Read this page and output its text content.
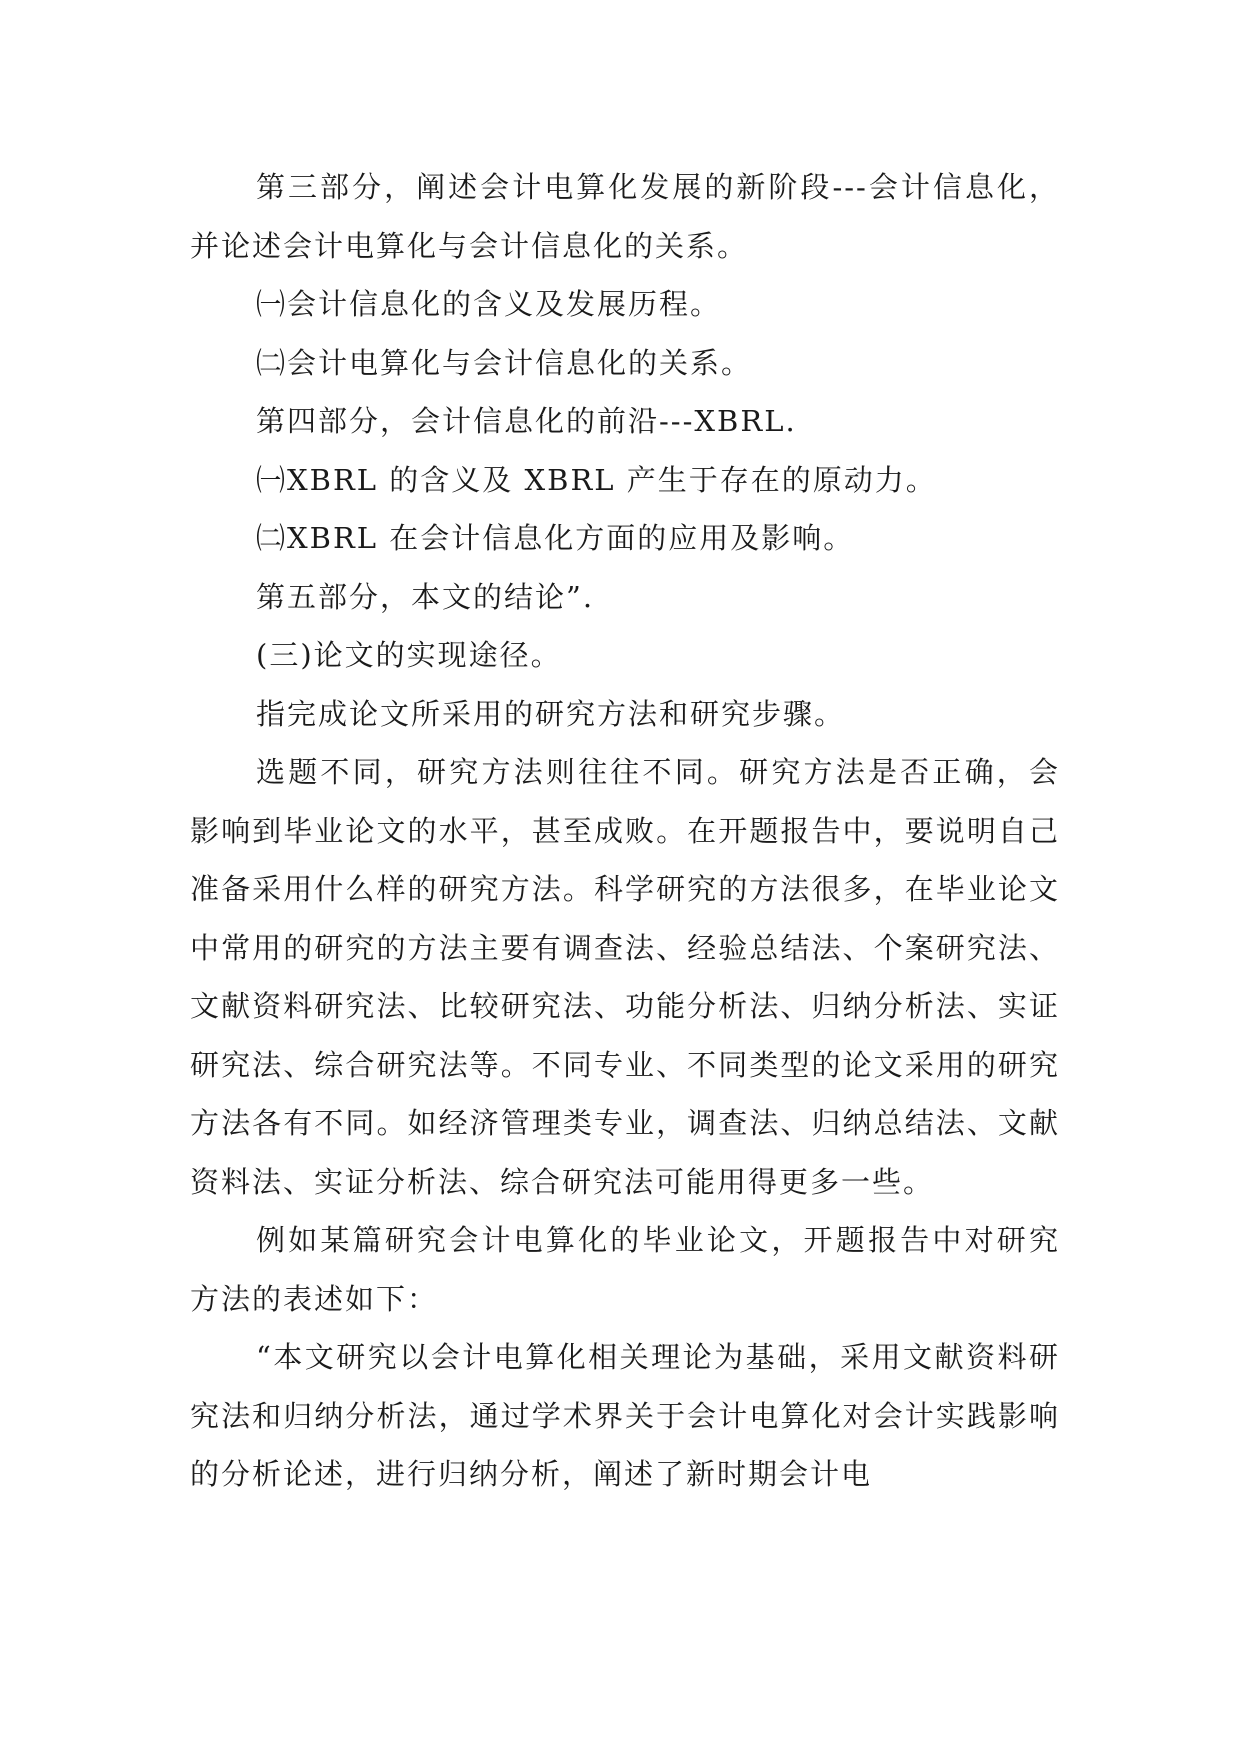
第三部分，阐述会计电算化发展的新阶段---会计信息化，并论述会计电算化与会计信息化的关系。

㈠会计信息化的含义及发展历程。

㈡会计电算化与会计信息化的关系。

第四部分，会计信息化的前沿---XBRL.

㈠XBRL 的含义及 XBRL 产生于存在的原动力。

㈡XBRL 在会计信息化方面的应用及影响。

第五部分，本文的结论”.

(三)论文的实现途径。

指完成论文所采用的研究方法和研究步骤。

选题不同，研究方法则往往不同。研究方法是否正确，会影响到毕业论文的水平，甚至成败。在开题报告中，要说明自己准备采用什么样的研究方法。科学研究的方法很多，在毕业论文中常用的研究的方法主要有调查法、经验总结法、个案研究法、文献资料研究法、比较研究法、功能分析法、归纳分析法、实证研究法、综合研究法等。不同专业、不同类型的论文采用的研究方法各有不同。如经济管理类专业，调查法、归纳总结法、文献资料法、实证分析法、综合研究法可能用得更多一些。

例如某篇研究会计电算化的毕业论文，开题报告中对研究方法的表述如下：

“本文研究以会计电算化相关理论为基础，采用文献资料研究法和归纳分析法，通过学术界关于会计电算化对会计实践影响的分析论述，进行归纳分析，阐述了新时期会计电
